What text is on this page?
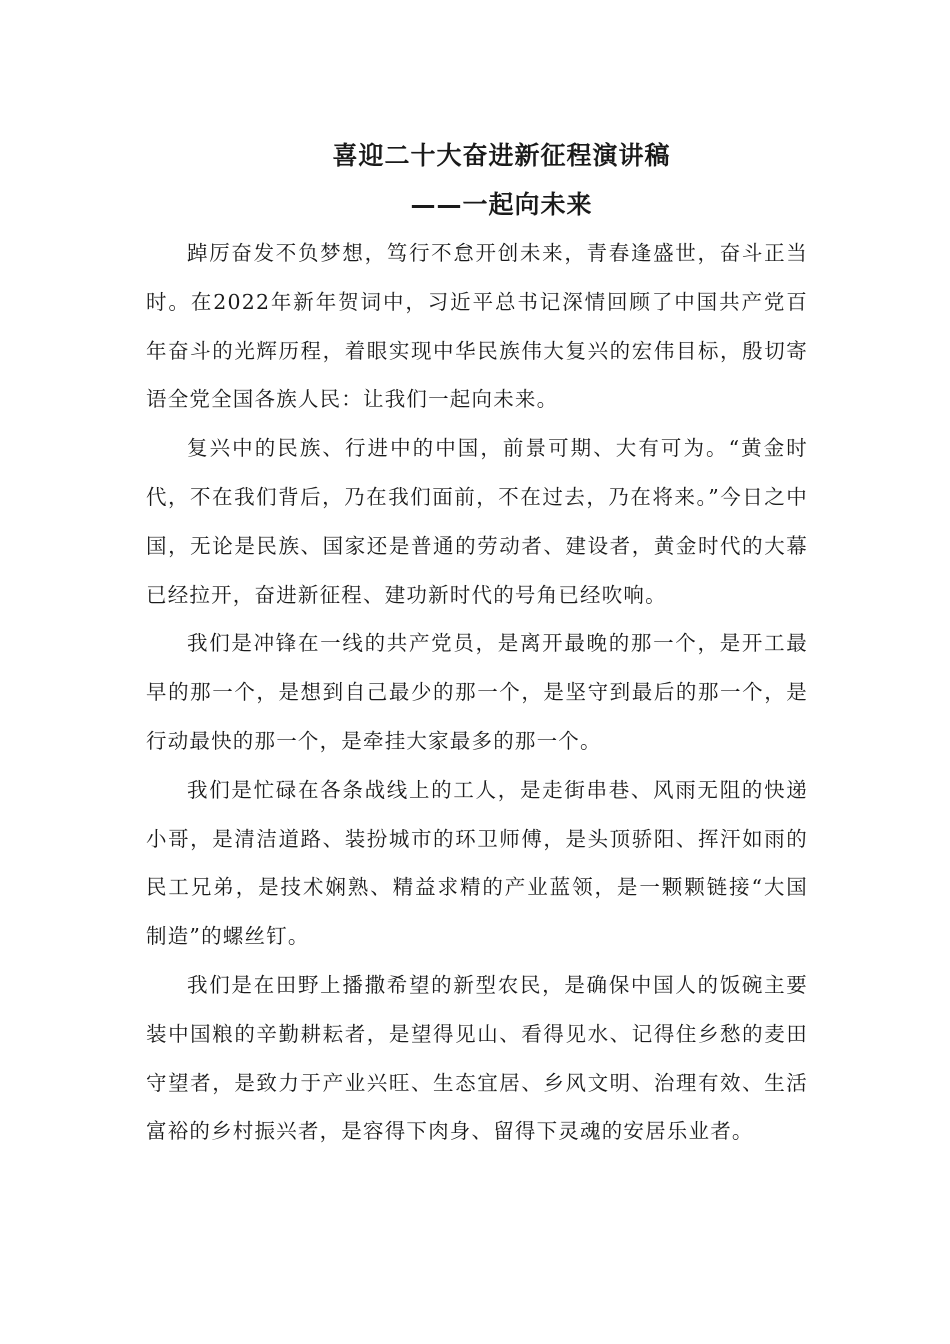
喜迎二十大奋进新征程演讲稿
——一起向未来

踔厉奋发不负梦想，笃行不怠开创未来，青春逢盛世，奋斗正当时。在2022年新年贺词中，习近平总书记深情回顾了中国共产党百年奋斗的光辉历程，着眼实现中华民族伟大复兴的宏伟目标，殷切寄语全党全国各族人民：让我们一起向未来。

复兴中的民族、行进中的中国，前景可期、大有可为。“黄金时代，不在我们背后，乃在我们面前，不在过去，乃在将来。”今日之中国，无论是民族、国家还是普通的劳动者、建设者，黄金时代的大幕已经拉开，奋进新征程、建功新时代的号角已经吹响。

我们是冲锋在一线的共产党员，是离开最晚的那一个，是开工最早的那一个，是想到自己最少的那一个，是坚守到最后的那一个，是行动最快的那一个，是牵挂大家最多的那一个。

我们是忙碌在各条战线上的工人，是走街串巷、风雨无阻的快递小哥，是清洁道路、装扮城市的环卫师傅，是头顶骄阳、挥汗如雨的民工兄弟，是技术娴熟、精益求精的产业蓝领，是一颗颗链接“大国制造”的螺丝钉。

我们是在田野上播撒希望的新型农民，是确保中国人的饭碗主要装中国粮的辛勤耕耘者，是望得见山、看得见水、记得住乡愁的麦田守望者，是致力于产业兴旺、生态宜居、乡风文明、治理有效、生活富裕的乡村振兴者，是容得下肉身、留得下灵魂的安居乐业者。
